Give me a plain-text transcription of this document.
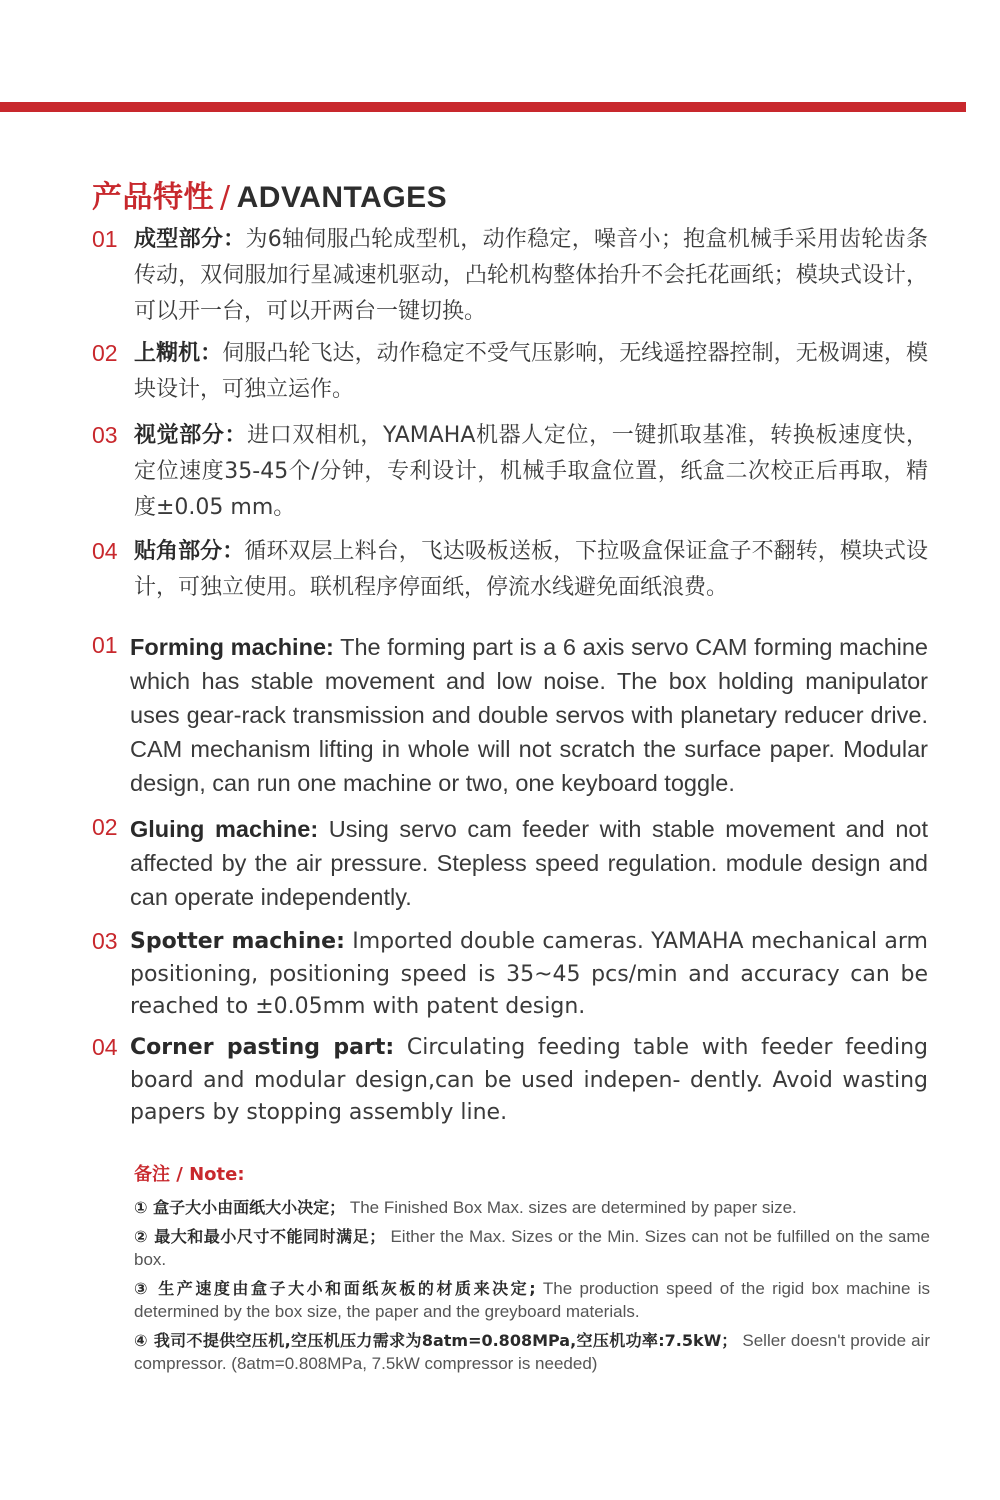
产品特性 / ADVANTAGES
01 成型部分：为6轴伺服凸轮成型机，动作稳定，噪音小；抱盒机械手采用齿轮齿条传动，双伺服加行星减速机驱动，凸轮机构整体抬升不会托花画纸；模块式设计，可以开一台，可以开两台一键切换。
02 上糊机：伺服凸轮飞达，动作稳定不受气压影响，无线遥控器控制，无极调速，模块设计，可独立运作。
03 视觉部分：进口双相机，YAMAHA机器人定位，一键抓取基准，转换板速度快，定位速度35-45个/分钟，专利设计，机械手取盒位置，纸盒二次校正后再取，精度±0.05 mm。
04 贴角部分：循环双层上料台，飞达吸板送板，下拉吸盒保证盒子不翻转，模块式设计，可独立使用。联机程序停面纸，停流水线避免面纸浪费。
01 Forming machine: The forming part is a 6 axis servo CAM forming machine which has stable movement and low noise. The box holding manipulator uses gear-rack transmission and double servos with planetary reducer drive. CAM mechanism lifting in whole will not scratch the surface paper. Modular design, can run one machine or two, one keyboard toggle.
02 Gluing machine: Using servo cam feeder with stable movement and not affected by the air pressure. Stepless speed regulation. module design and can operate independently.
03 Spotter machine: Imported double cameras. YAMAHA mechanical arm positioning, positioning speed is 35~45 pcs/min and accuracy can be reached to ±0.05mm with patent design.
04 Corner pasting part: Circulating feeding table with feeder feeding board and modular design,can be used indepen- dently. Avoid wasting papers by stopping assembly line.
备注 / Note:
① 盒子大小由面纸大小决定； The Finished Box Max. sizes are determined by paper size.
② 最大和最小尺寸不能同时满足； Either the Max. Sizes or the Min. Sizes can not be fulfilled on the same box.
③ 生产速度由盒子大小和面纸灰板的材质来决定; The production speed of the rigid box machine is determined by the box size, the paper and the greyboard materials.
④ 我司不提供空压机,空压机压力需求为8atm=0.808MPa,空压机功率:7.5kW； Seller doesn't provide air compressor. (8atm=0.808MPa, 7.5kW compressor is needed)
